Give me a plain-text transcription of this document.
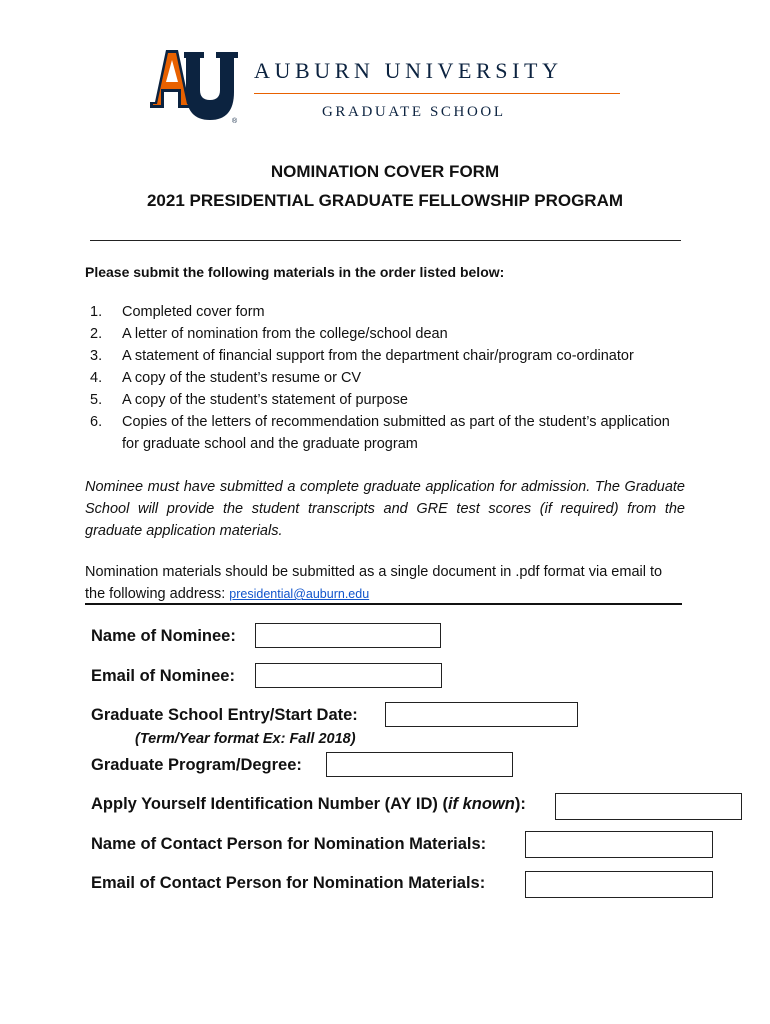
®
AUBURN UNIVERSITY
GRADUATE SCHOOL
NOMINATION COVER FORM
2021 PRESIDENTIAL GRADUATE FELLOWSHIP PROGRAM
Please submit the following materials in the order listed below:
1.	Completed cover form
2.	A letter of nomination from the college/school dean
3.	A statement of financial support from the department chair/program co-ordinator
4.	A copy of the student’s resume or CV
5.	A copy of the student’s statement of purpose
6.	Copies of the letters of recommendation submitted as part of the student’s application for graduate school and the graduate program
Nominee must have submitted a complete graduate application for admission. The Graduate School will provide the student transcripts and GRE test scores (if required) from the graduate application materials.
Nomination materials should be submitted as a single document in .pdf format via email to the following address: presidential@auburn.edu
Name of Nominee:
Email of Nominee:
Graduate School Entry/Start Date:
(Term/Year format Ex: Fall 2018)
Graduate Program/Degree:
Apply Yourself Identification Number (AY ID) (if known):
Name of Contact Person for Nomination Materials:
Email of Contact Person for Nomination Materials:
